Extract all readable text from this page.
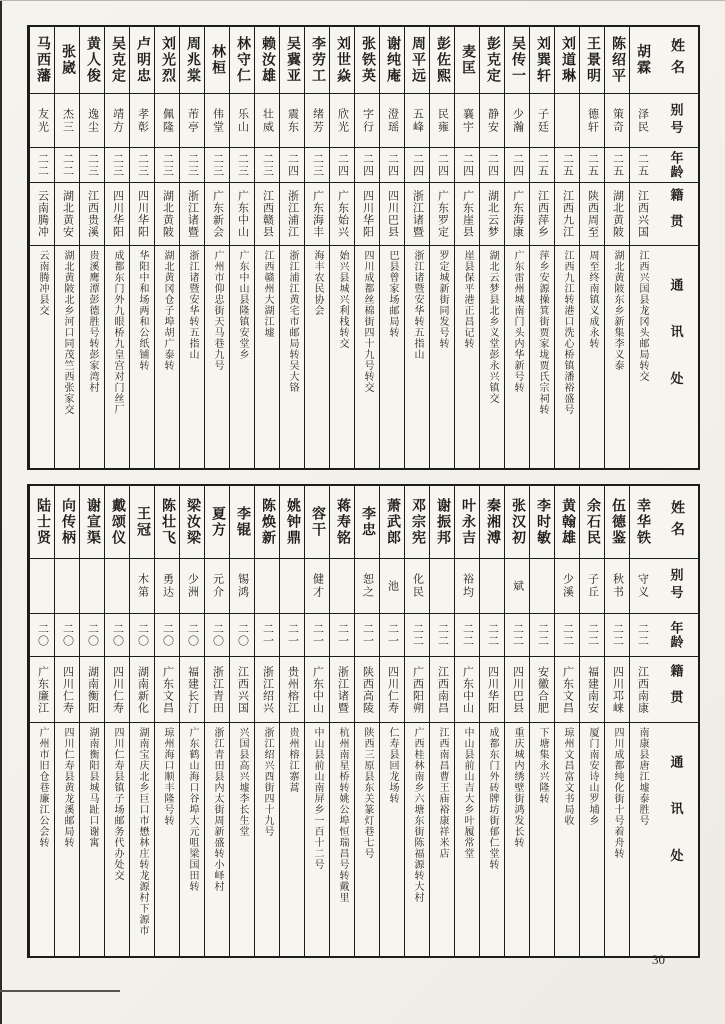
姓名
别号
年龄
籍贯
通讯处
胡霖
泽民
二五
江西兴国
江西兴国县龙冈头邮局转交
陈绍平
策奇
二五
湖北黄陂
湖北黄陂东乡新集李义泰
王景明
德轩
二五
陕西周至
周至终南镇义成永转
刘道琳
二五
江西九江
江西九江转港口洗心桥镇潘裕盛号
刘巽轩
子廷
二五
江西萍乡
萍乡安源操箕街贾家垅贾氏宗祠转
吴传一
少瀚
二四
广东海康
广东雷州城南门头内华新号转
彭克定
静安
二四
湖北云梦
湖北云梦县北乡义堂彭永兴镇交
麦匡
襄宇
二四
广东崖县
崖县保平港正昌记转
彭佐熙
民雍
二四
广东罗定
罗定城新街同发号转
周平远
五峰
二四
浙江诸暨
浙江诸暨安华转五指山
谢纯庵
澄瑶
二四
四川巴县
巴县曾家场邮局转
张铁英
字行
二四
四川华阳
四川成都丝棉街四十九号转交
刘世焱
欣光
二四
广东始兴
始兴县城兴利栈转交
李劳工
绪芳
二三
广东海丰
海丰农民协会
吴冀亚
震东
二四
浙江浦江
浙江浦江黄宅市邮局转吴大铬
赖汝雄
壮威
二三
江西赣县
江西赣州大湖江墟
林守仁
乐山
二三
广东中山
广东中山县隆镇安堂乡
林桓
伟堂
二三
广东新会
广州市仰忠街天马巷九号
周兆棠
芾亭
二三
浙江诸暨
浙江诸暨安华转五指山
刘光烈
佩隆
二三
湖北黄陂
湖北黄冈仓子埠胡广泰转
卢明忠
孝彰
二三
四川华阳
华阳中和场两和公纸铺转
吴克定
靖方
二三
四川华阳
成都东门外九眼桥九皇宫对门丝厂
黄人俊
逸尘
二三
江西贵溪
贵溪鹰潭彭德胜号转彭家湾村
张崴
杰三
二二
湖北黄安
湖北黄陂北乡河口同茂竺西张家交
马西藩
友光
二二
云南腾冲
云南腾冲县交
姓名
别号
年龄
籍贯
通讯处
幸华铁
守义
二二
江西南康
南康县唐江墟泰胜号
伍德鉴
秋书
二二
四川邛崃
四川成都纯化街十号着舟转
余石民
子丘
二二
福建南安
厦门南安诗山罗埔乡
黄翰雄
少溪
二二
广东文昌
琼州文昌富文书局收
李时敏
二二
安徽合肥
下塘集永兴隆转
张汉初
斌
二二
四川巴县
重庆城内绣壁街鸿发长转
秦湘溥
二二
四川华阳
成都东门外砖牌坊街郁仁堂转
叶永吉
裕均
二二
广东中山
中山县前山吉大乡叶履常堂
谢振邦
二二
江西南昌
江西南昌曹王庙裕康祥米店
邓宗宪
化民
二二
广西阳朔
广西桂林南乡六塘东街陈福源转大村
萧武郎
池
二一
四川仁寿
仁寿县回龙场转
李忠
恕之
二一
陕西高陵
陕西三原县东关篆灯巷七号
蒋寿铭
二一
浙江诸暨
杭州南星桥转姚公埠恒瑞昌号转戴里
容干
健才
二一
广东中山
中山县前山南屏乡一百十二号
姚钟鼎
二一
贵州榕江
贵州榕江寨蒿
陈焕新
二一
浙江绍兴
浙江绍兴酉街四十九号
李锟
锡鸿
二〇
江西兴国
兴国县高兴墟李长生堂
夏方
元介
二〇
浙江青田
浙江青田县内太街周新盛转小峄村
梁汝梁
少洲
二〇
福建长汀
广东鹤山海口谷埠大元咀梁国田转
陈壮飞
勇达
二〇
广东文昌
琼州海口顺丰隆号转
王冠
木第
二〇
湖南新化
湖南宝庆北乡巨口市懋林庄转龙源村下源市
戴颂仪
二〇
四川仁寿
四川仁寿县镇子场邮务代办处交
谢宣渠
二〇
湖南衡阳
湖南衡阳县城马趾口谢寓
向传柄
二〇
四川仁寿
四川仁寿县黄龙溪邮局转
陆士贤
二〇
广东廉江
广州市旧仓巷廉江公会转
30
